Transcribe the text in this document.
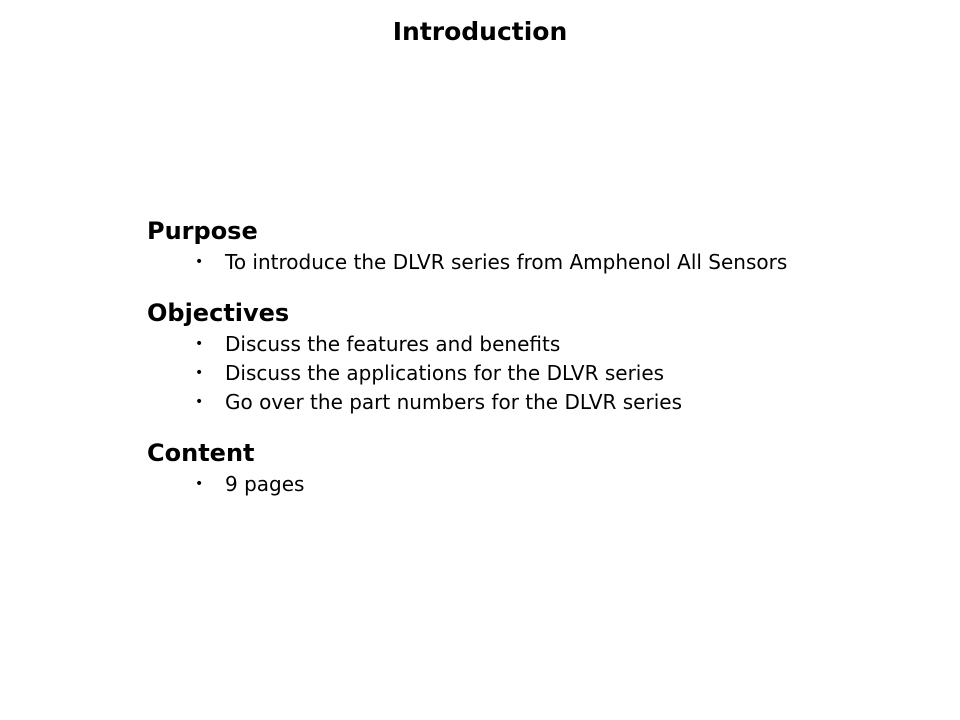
Introduction
Purpose
• To introduce the DLVR series from Amphenol All Sensors
Objectives
• Discuss the features and benefits
• Discuss the applications for the DLVR series
• Go over the part numbers for the DLVR series
Content
• 9 pages
